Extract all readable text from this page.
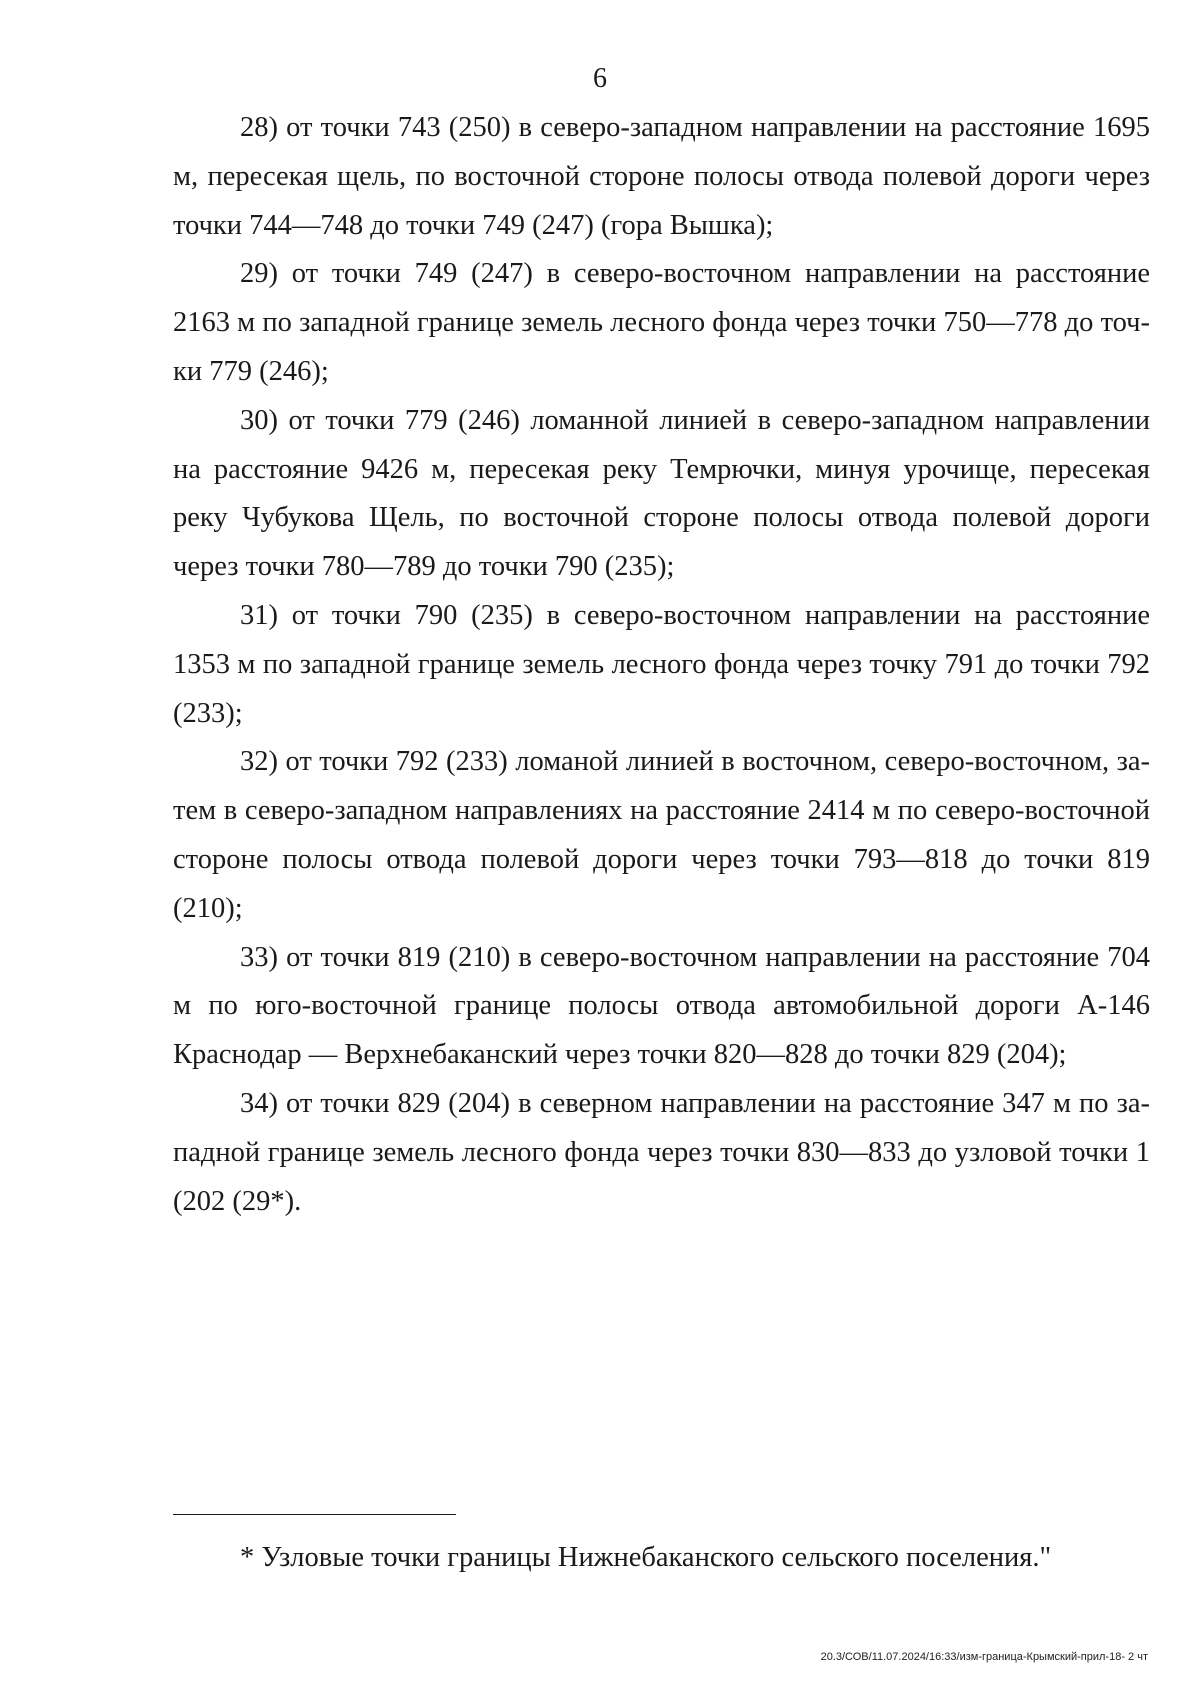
6

28) от точки 743 (250) в северо-западном направлении на расстояние 1695 м, пересекая щель, по восточной стороне полосы отвода полевой дороги через точки 744—748 до точки 749 (247) (гора Вышка);

29) от точки 749 (247) в северо-восточном направлении на расстояние 2163 м по западной границе земель лесного фонда через точки 750—778 до точки 779 (246);

30) от точки 779 (246) ломанной линией в северо-западном направлении на расстояние 9426 м, пересекая реку Темрючки, минуя урочище, пересекая реку Чубукова Щель, по восточной стороне полосы отвода полевой дороги через точки 780—789 до точки 790 (235);

31) от точки 790 (235) в северо-восточном направлении на расстояние 1353 м по западной границе земель лесного фонда через точку 791 до точки 792 (233);

32) от точки 792 (233) ломаной линией в восточном, северо-восточном, затем в северо-западном направлениях на расстояние 2414 м по северо-восточной стороне полосы отвода полевой дороги через точки 793—818 до точки 819 (210);

33) от точки 819 (210) в северо-восточном направлении на расстояние 704 м по юго-восточной границе полосы отвода автомобильной дороги А-146 Краснодар — Верхнебаканский через точки 820—828 до точки 829 (204);

34) от точки 829 (204) в северном направлении на расстояние 347 м по западной границе земель лесного фонда через точки 830—833 до узловой точки 1 (202 (29*).

* Узловые точки границы Нижнебаканского сельского поселения."

20.3/СОВ/11.07.2024/16:33/изм-граница-Крымский-прил-18- 2 чт
